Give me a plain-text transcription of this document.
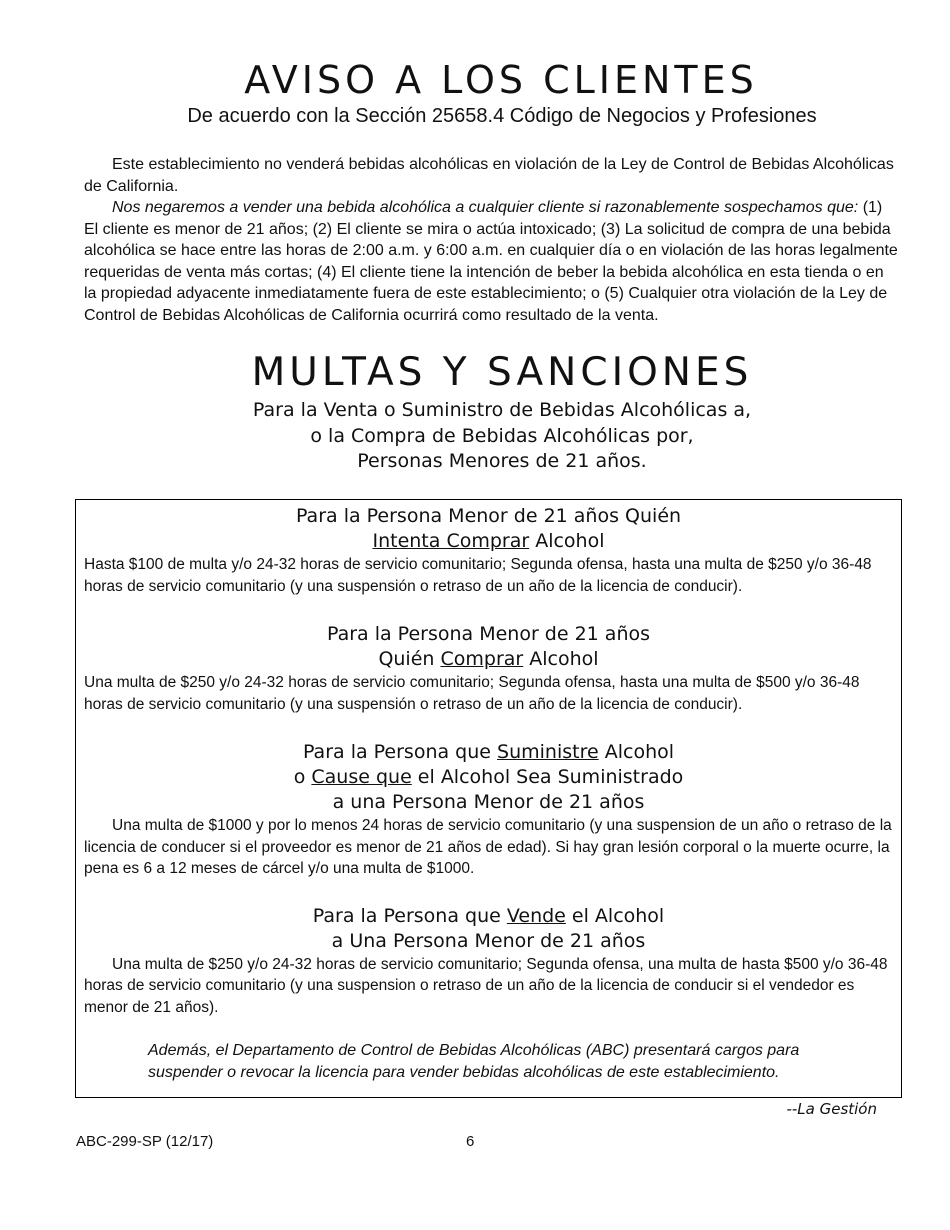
AVISO A LOS CLIENTES
De acuerdo con la Sección 25658.4 Código de Negocios y Profesiones

Este establecimiento no venderá bebidas alcohólicas en violación de la Ley de Control de Bebidas Alcohólicas de California.

Nos negaremos a vender una bebida alcohólica a cualquier cliente si razonablemente sospechamos que: (1) El cliente es menor de 21 años; (2) El cliente se mira o actúa intoxicado; (3) La solicitud de compra de una bebida alcohólica se hace entre las horas de 2:00 a.m. y 6:00 a.m. en cualquier día o en violación de las horas legalmente requeridas de venta más cortas; (4) El cliente tiene la intención de beber la bebida alcohólica en esta tienda o en la propiedad adyacente inmediatamente fuera de este establecimiento; o (5) Cualquier otra violación de la Ley de Control de Bebidas Alcohólicas de California ocurrirá como resultado de la venta.

MULTAS Y SANCIONES
Para la Venta o Suministro de Bebidas Alcohólicas a,
o la Compra de Bebidas Alcohólicas por,
Personas Menores de 21 años.
Para la Persona Menor de 21 años Quién
Intenta Comprar Alcohol
Hasta $100 de multa y/o 24-32 horas de servicio comunitario; Segunda ofensa, hasta una multa de $250 y/o 36-48 horas de servicio comunitario (y una suspensión o retraso de un año de la licencia de conducir).
Para la Persona Menor de 21 años
Quién Comprar Alcohol
Una multa de $250 y/o 24-32 horas de servicio comunitario; Segunda ofensa, hasta una multa de $500 y/o 36-48 horas de servicio comunitario (y una suspensión o retraso de un año de la licencia de conducir).
Para la Persona que Suministre Alcohol
o Cause que el Alcohol Sea Suministrado
a una Persona Menor de 21 años
Una multa de $1000 y por lo menos 24 horas de servicio comunitario (y una suspension de un año o retraso de la licencia de conducer si el proveedor es menor de 21 años de edad). Si hay gran lesión corporal o la muerte ocurre, la pena es 6 a 12 meses de cárcel y/o una multa de $1000.
Para la Persona que Vende el Alcohol
a Una Persona Menor de 21 años
Una multa de $250 y/o 24-32 horas de servicio comunitario; Segunda ofensa, una multa de hasta $500 y/o 36-48 horas de servicio comunitario (y una suspension o retraso de un año de la licencia de conducir si el vendedor es menor de 21 años).
Además, el Departamento de Control de Bebidas Alcohólicas (ABC) presentará cargos para suspender o revocar la licencia para vender bebidas alcohólicas de este establecimiento.
--La Gestión
ABC-299-SP (12/17)	6
